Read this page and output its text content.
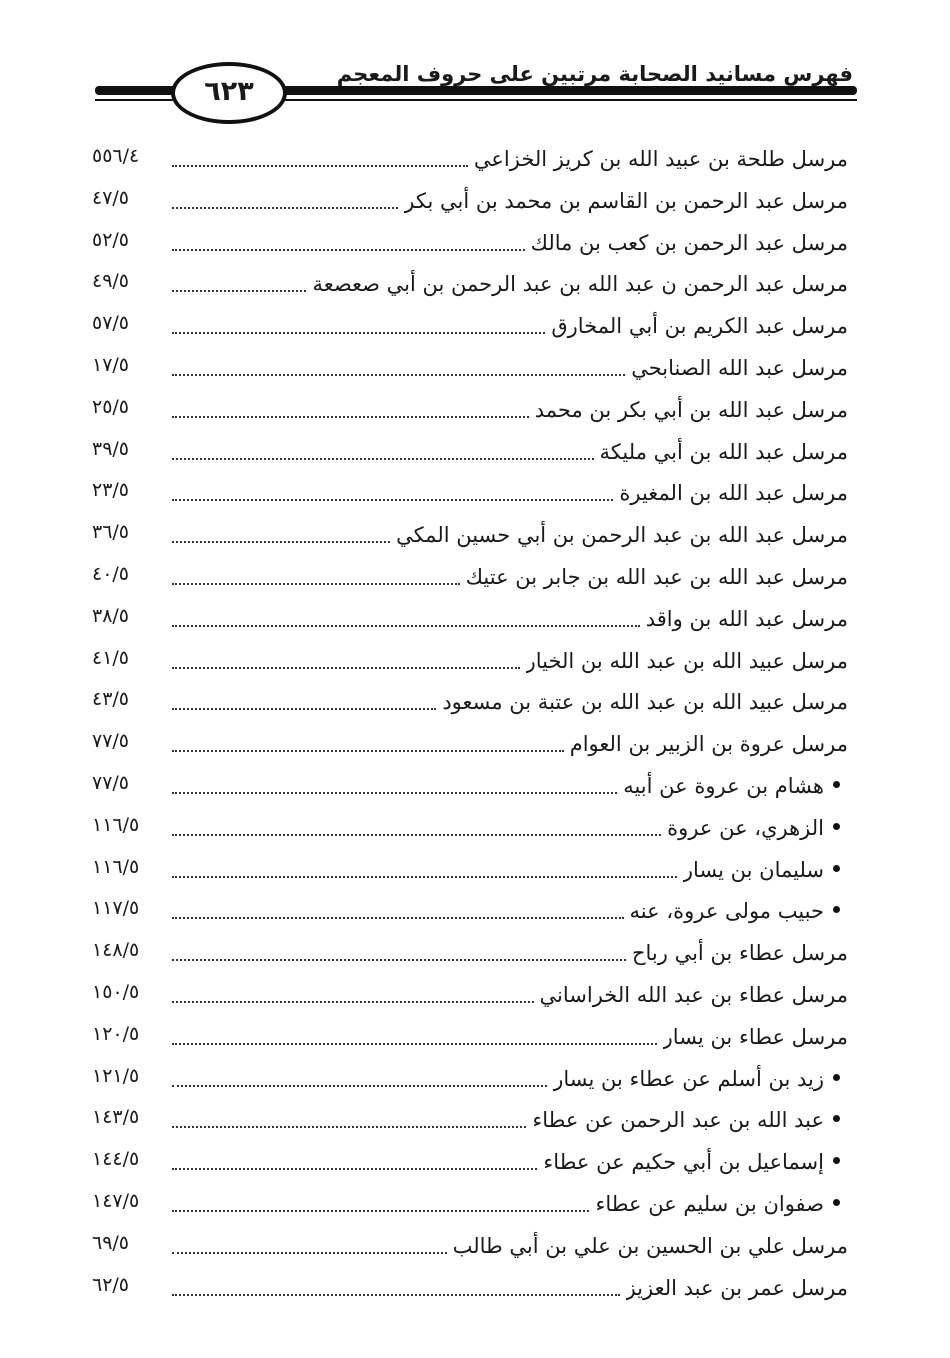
فهرس مسانيد الصحابة مرتبين على حروف المعجم
٦٢٣
مرسل طلحة بن عبيد الله بن كريز الخزاعي
٥٥٦/٤
مرسل عبد الرحمن بن القاسم بن محمد بن أبي بكر
٤٧/٥
مرسل عبد الرحمن بن كعب بن مالك
٥٢/٥
مرسل عبد الرحمن ن عبد الله بن عبد الرحمن بن أبي صعصعة
٤٩/٥
مرسل عبد الكريم بن أبي المخارق
٥٧/٥
مرسل عبد الله الصنابحي
١٧/٥
مرسل عبد الله بن أبي بكر بن محمد
٢٥/٥
مرسل عبد الله بن أبي مليكة
٣٩/٥
مرسل عبد الله بن المغيرة
٢٣/٥
مرسل عبد الله بن عبد الرحمن بن أبي حسين المكي
٣٦/٥
مرسل عبد الله بن عبد الله بن جابر بن عتيك
٤٠/٥
مرسل عبد الله بن واقد
٣٨/٥
مرسل عبيد الله بن عبد الله بن الخيار
٤١/٥
مرسل عبيد الله بن عبد الله بن عتبة بن مسعود
٤٣/٥
مرسل عروة بن الزبير بن العوام
٧٧/٥
هشام بن عروة عن أبيه
٧٧/٥
الزهري، عن عروة
١١٦/٥
سليمان بن يسار
١١٦/٥
حبيب مولى عروة، عنه
١١٧/٥
مرسل عطاء بن أبي رباح
١٤٨/٥
مرسل عطاء بن عبد الله الخراساني
١٥٠/٥
مرسل عطاء بن يسار
١٢٠/٥
زيد بن أسلم عن عطاء بن يسار
١٢١/٥
عبد الله بن عبد الرحمن عن عطاء
١٤٣/٥
إسماعيل بن أبي حكيم عن عطاء
١٤٤/٥
صفوان بن سليم عن عطاء
١٤٧/٥
مرسل علي بن الحسين بن علي بن أبي طالب
٦٩/٥
مرسل عمر بن عبد العزيز
٦٢/٥
